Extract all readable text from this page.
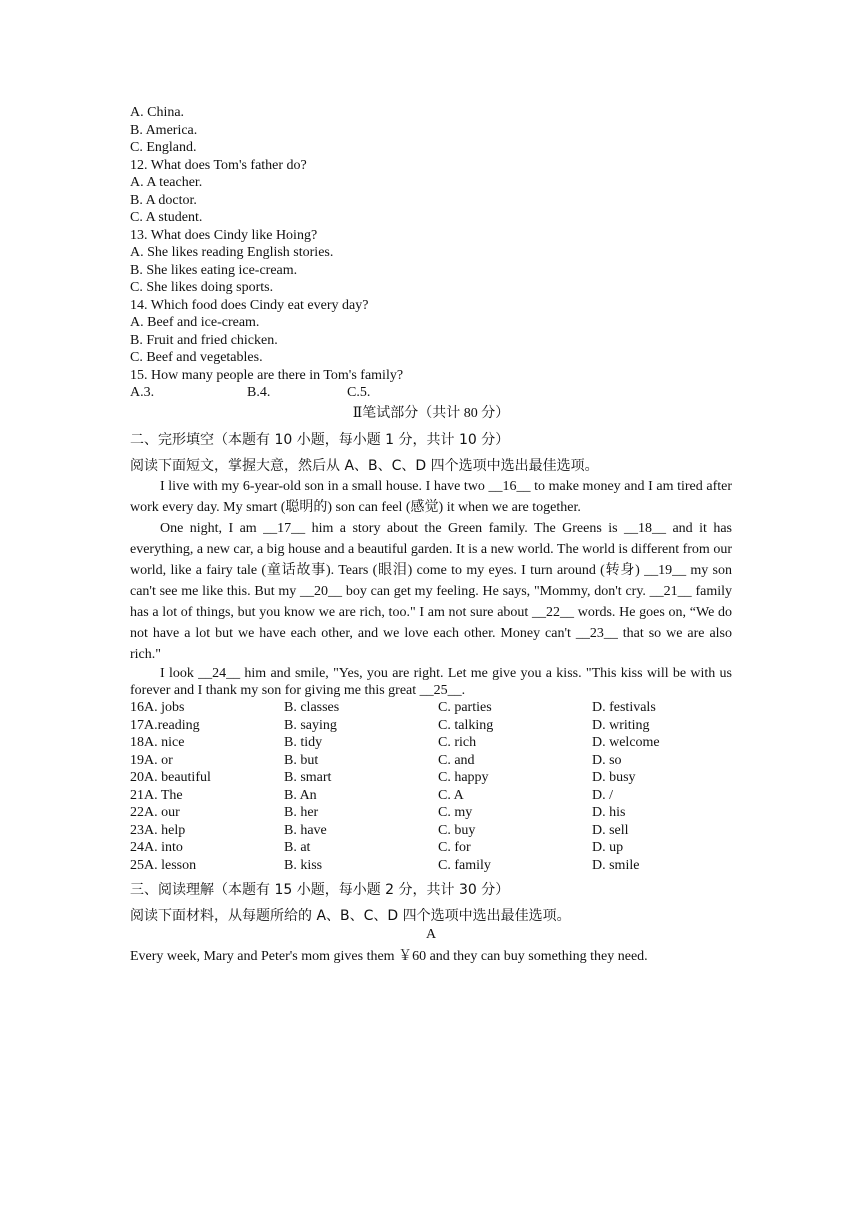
A. China.
B. America.
C. England.
12. What does Tom's father do?
A. A teacher.
B. A doctor.
C. A student.
13. What does Cindy like Hoing?
A. She likes reading English stories.
B. She likes eating ice-cream.
C. She likes doing sports.
14. Which food does Cindy eat every day?
A. Beef and ice-cream.
B. Fruit and fried chicken.
C. Beef and vegetables.
15. How many people are there in Tom's family?
A.3.	B.4.	C.5.
Ⅱ笔试部分（共计 80 分）
二、完形填空（本题有 10 小题，每小题 1 分，共计 10 分）
阅读下面短文，掌握大意，然后从 A、B、C、D 四个选项中选出最佳选项。

I live with my 6-year-old son in a small house. I have two __16__ to make money and I am tired after work every day. My smart (聪明的) son can feel (感觉) it when we are together.

One night, I am __17__ him a story about the Green family. The Greens is __18__ and it has everything, a new car, a big house and a beautiful garden. It is a new world. The world is different from our world, like a fairy tale (童话故事). Tears (眼泪) come to my eyes. I turn around (转身) __19__ my son can't see me like this. But my __20__ boy can get my feeling. He says, "Mommy, don't cry. __21__ family has a lot of things, but you know we are rich, too." I am not sure about __22__ words. He goes on, “We do not have a lot but we have each other, and we love each other. Money can't __23__ that so we are also rich."

I look __24__ him and smile, "Yes, you are right. Let me give you a kiss. "This kiss will be with us forever and I thank my son for giving me this great __25__.

16A. jobs	B. classes	C. parties	D. festivals
17A.reading	B. saying	C. talking	D. writing
18A. nice	B. tidy	C. rich	D. welcome
19A. or	B. but	C. and	D. so
20A. beautiful	B. smart	C. happy	D. busy
21A. The	B. An	C. A	D. /
22A. our	B. her	C. my	D. his
23A. help	B. have	C. buy	D. sell
24A. into	B. at	C. for	D. up
25A. lesson	B. kiss	C. family	D. smile
三、阅读理解（本题有 15 小题，每小题 2 分，共计 30 分）
阅读下面材料，从每题所给的 A、B、C、D 四个选项中选出最佳选项。
A
Every week, Mary and Peter's mom gives them ￥60 and they can buy something they need.
